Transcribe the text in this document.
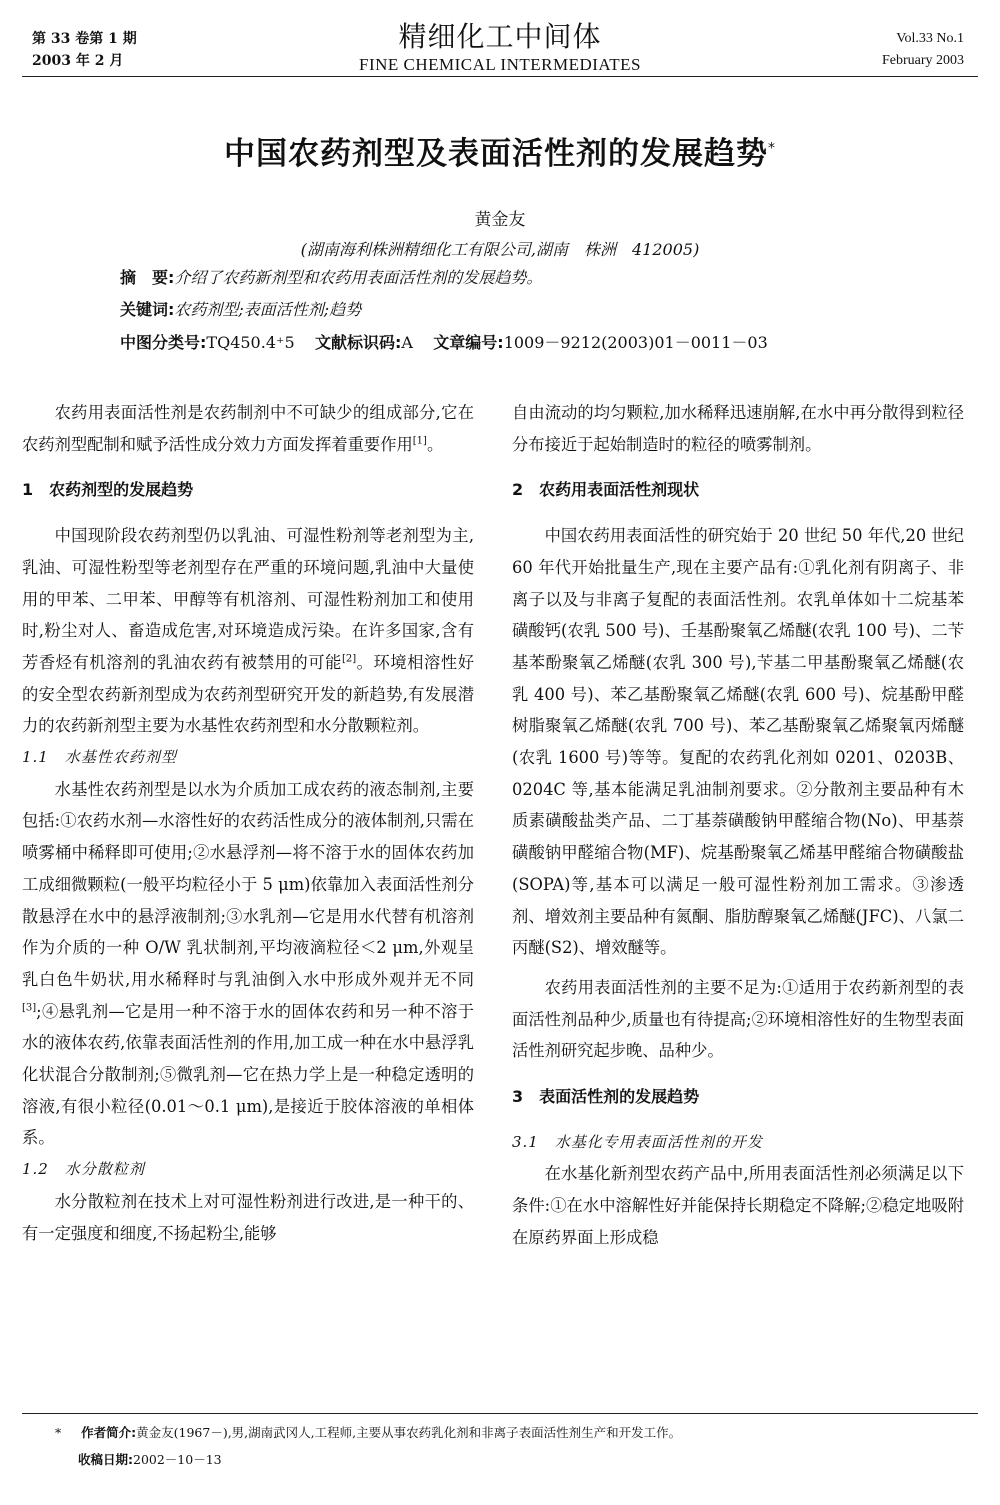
第 33 卷第 1 期
2003 年 2 月
精细化工中间体
FINE CHEMICAL INTERMEDIATES
Vol.33 No.1
February 2003
中国农药剂型及表面活性剂的发展趋势*
黄金友
(湖南海利株洲精细化工有限公司,湖南　株洲　412005)
摘　要:介绍了农药新剂型和农药用表面活性剂的发展趋势。
关键词:农药剂型;表面活性剂;趋势
中图分类号:TQ450.4⁺5 文献标识码:A 文章编号:1009－9212(2003)01－0011－03

农药用表面活性剂是农药制剂中不可缺少的组成部分,它在农药剂型配制和赋予活性成分效力方面发挥着重要作用[1]。

1　农药剂型的发展趋势

中国现阶段农药剂型仍以乳油、可湿性粉剂等老剂型为主,乳油、可湿性粉型等老剂型存在严重的环境问题,乳油中大量使用的甲苯、二甲苯、甲醇等有机溶剂、可湿性粉剂加工和使用时,粉尘对人、畜造成危害,对环境造成污染。在许多国家,含有芳香烃有机溶剂的乳油农药有被禁用的可能[2]。环境相溶性好的安全型农药新剂型成为农药剂型研究开发的新趋势,有发展潜力的农药新剂型主要为水基性农药剂型和水分散颗粒剂。

1.1　水基性农药剂型

水基性农药剂型是以水为介质加工成农药的液态制剂,主要包括:①农药水剂—水溶性好的农药活性成分的液体制剂,只需在喷雾桶中稀释即可使用;②水悬浮剂—将不溶于水的固体农药加工成细微颗粒(一般平均粒径小于 5 μm)依靠加入表面活性剂分散悬浮在水中的悬浮液制剂;③水乳剂—它是用水代替有机溶剂作为介质的一种 O/W 乳状制剂,平均液滴粒径＜2 μm,外观呈乳白色牛奶状,用水稀释时与乳油倒入水中形成外观并无不同[3];④悬乳剂—它是用一种不溶于水的固体农药和另一种不溶于水的液体农药,依靠表面活性剂的作用,加工成一种在水中悬浮乳化状混合分散制剂;⑤微乳剂—它在热力学上是一种稳定透明的溶液,有很小粒径(0.01～0.1 μm),是接近于胶体溶液的单相体系。

1.2　水分散粒剂

水分散粒剂在技术上对可湿性粉剂进行改进,是一种干的、有一定强度和细度,不扬起粉尘,能够

自由流动的均匀颗粒,加水稀释迅速崩解,在水中再分散得到粒径分布接近于起始制造时的粒径的喷雾制剂。

2　农药用表面活性剂现状

中国农药用表面活性的研究始于 20 世纪 50 年代,20 世纪 60 年代开始批量生产,现在主要产品有:①乳化剂有阴离子、非离子以及与非离子复配的表面活性剂。农乳单体如十二烷基苯磺酸钙(农乳 500 号)、壬基酚聚氧乙烯醚(农乳 100 号)、二苄基苯酚聚氧乙烯醚(农乳 300 号),苄基二甲基酚聚氧乙烯醚(农乳 400 号)、苯乙基酚聚氧乙烯醚(农乳 600 号)、烷基酚甲醛树脂聚氧乙烯醚(农乳 700 号)、苯乙基酚聚氧乙烯聚氧丙烯醚(农乳 1600 号)等等。复配的农药乳化剂如 0201、0203B、0204C 等,基本能满足乳油制剂要求。②分散剂主要品种有木质素磺酸盐类产品、二丁基萘磺酸钠甲醛缩合物(No)、甲基萘磺酸钠甲醛缩合物(MF)、烷基酚聚氧乙烯基甲醛缩合物磺酸盐(SOPA)等,基本可以满足一般可湿性粉剂加工需求。③渗透剂、增效剂主要品种有氮酮、脂肪醇聚氧乙烯醚(JFC)、八氯二丙醚(S2)、增效醚等。

农药用表面活性剂的主要不足为:①适用于农药新剂型的表面活性剂品种少,质量也有待提高;②环境相溶性好的生物型表面活性剂研究起步晚、品种少。

3　表面活性剂的发展趋势
3.1　水基化专用表面活性剂的开发

在水基化新剂型农药产品中,所用表面活性剂必须满足以下条件:①在水中溶解性好并能保持长期稳定不降解;②稳定地吸附在原药界面上形成稳

* 作者简介:黄金友(1967－),男,湖南武冈人,工程师,主要从事农药乳化剂和非离子表面活性剂生产和开发工作。
收稿日期:2002－10－13
